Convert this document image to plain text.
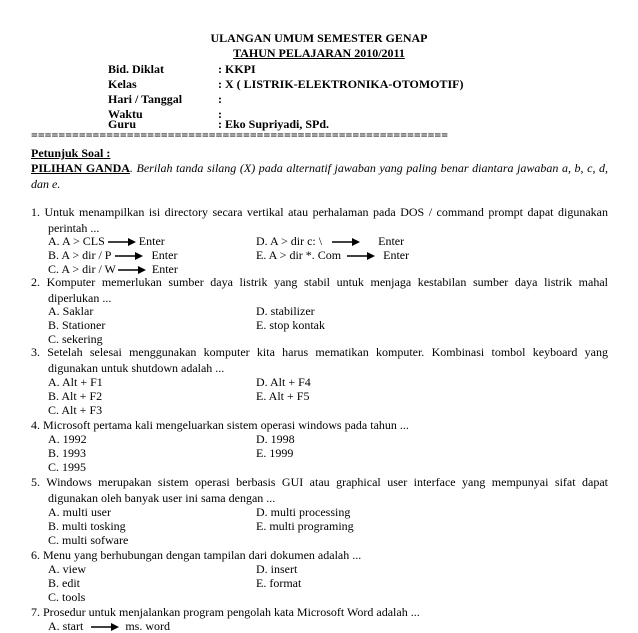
ULANGAN UMUM SEMESTER GENAP
TAHUN PELAJARAN 2010/2011
Bid. Diklat	: KKPI
Kelas	: X ( LISTRIK-ELEKTRONIKA-OTOMOTIF)
Hari / Tanggal	:
Waktu	:
Guru	: Eko Supriyadi, SPd.
=============================================================
Petunjuk Soal :
PILIHAN GANDA. Berilah tanda silang (X) pada alternatif jawaban yang paling benar diantara jawaban a, b, c, d, dan e.
1. Untuk menampilkan isi directory secara vertikal atau perhalaman pada DOS / command prompt dapat digunakan perintah ...
A. A > CLS	Enter	D. A > dir c: \	Enter
B. A > dir / P	Enter	E. A > dir *. Com	Enter
C. A > dir / W	Enter
2. Komputer memerlukan sumber daya listrik yang stabil untuk menjaga kestabilan sumber daya listrik mahal diperlukan ...
A. Saklar	D. stabilizer
B. Stationer	E. stop kontak
C. sekering
3. Setelah selesai menggunakan komputer kita harus mematikan komputer. Kombinasi tombol keyboard yang digunakan untuk shutdown adalah ...
A. Alt + F1	D. Alt + F4
B. Alt + F2	E. Alt + F5
C. Alt + F3
4. Microsoft pertama kali mengeluarkan sistem operasi windows pada tahun ...
A. 1992	D. 1998
B. 1993	E. 1999
C. 1995
5. Windows merupakan sistem operasi berbasis GUI atau graphical user interface yang mempunyai sifat dapat digunakan oleh banyak user ini sama dengan ...
A. multi user	D. multi processing
B. multi tosking	E. multi programing
C. multi sofware
6. Menu yang berhubungan dengan tampilan dari dokumen adalah ...
A. view	D. insert
B. edit	E. format
C. tools
7. Prosedur untuk menjalankan program pengolah kata Microsoft Word adalah ...
A. start	ms. word
